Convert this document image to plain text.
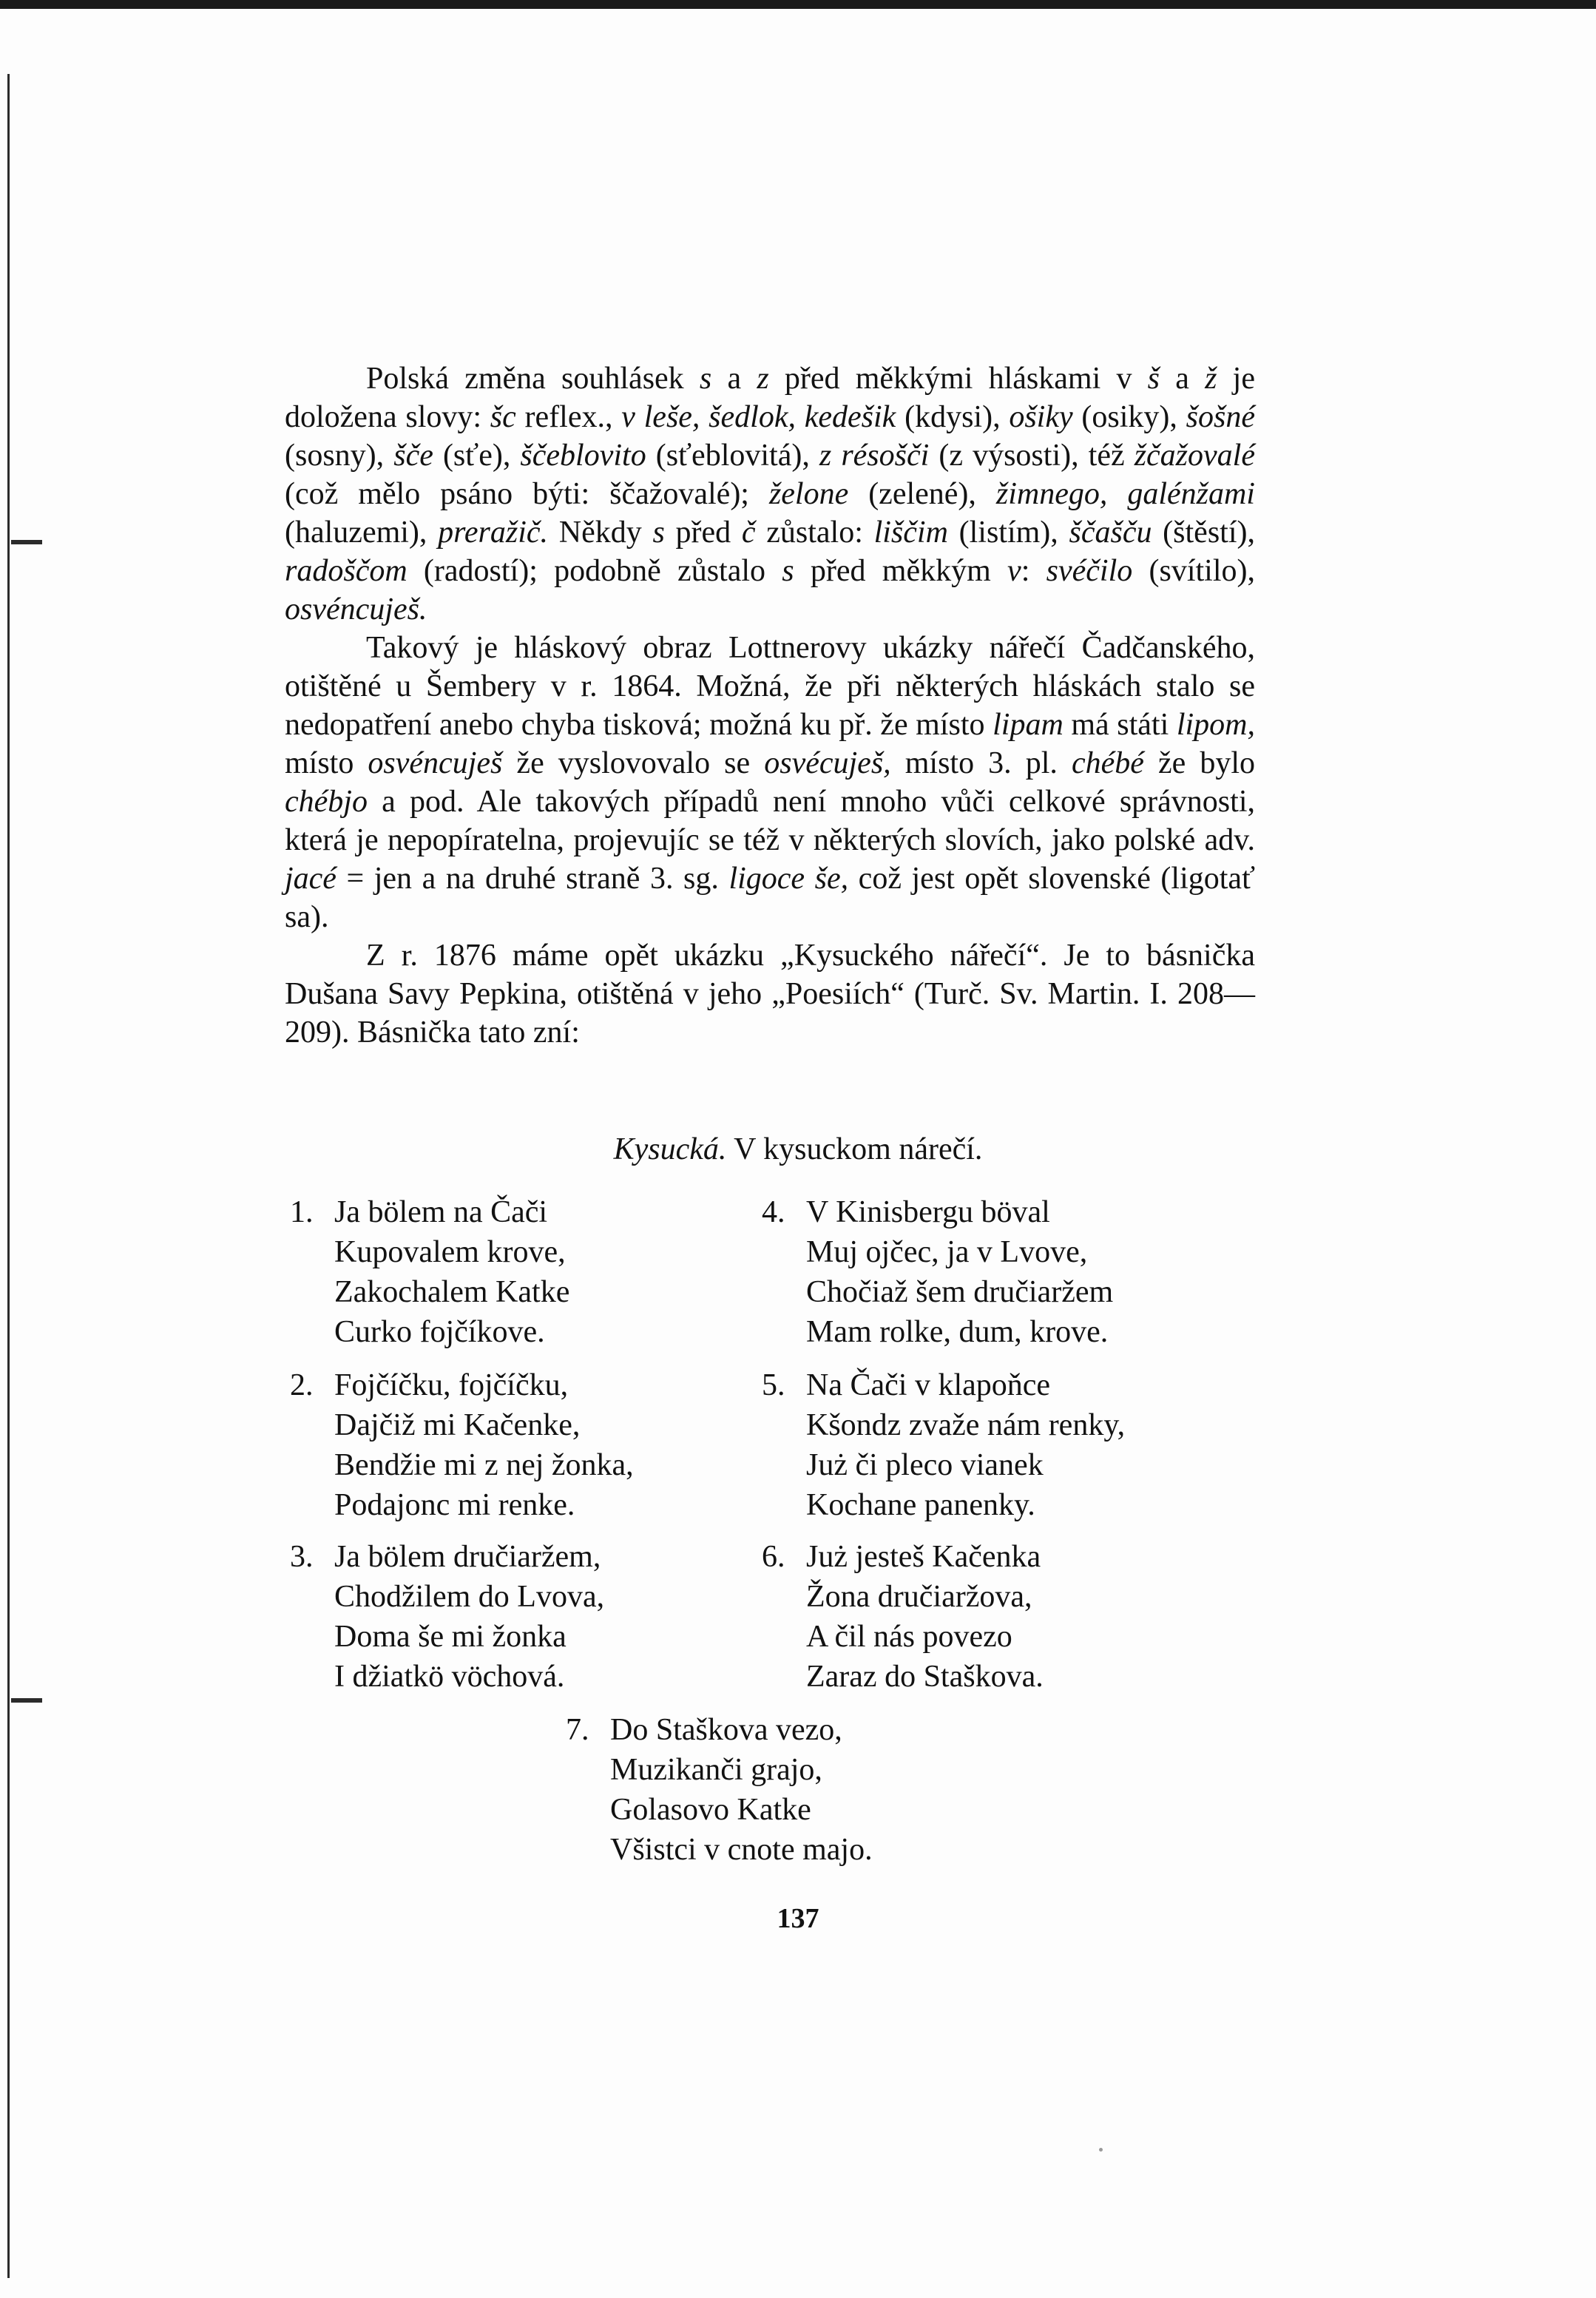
Polská změna souhlásek s a z před měkkými hláskami v š a ž je doložena slovy: šc reflex., v leše, šedlok, kedešik (kdysi), ošiky (osiky), šošné (sosny), šče (sťe), ščeblovito (sťeblovitá), z résošči (z výsosti), též žčažovalé (což mělo psáno býti: ščažovalé); želone (zelené), žimnego, galénžami (haluzemi), preražič. Někdy s před č zůstalo: liščim (listím), ščašču (štěstí), radoščom (radostí); podobně zůstalo s před měkkým v: svéčilo (svítilo), osvéncuješ.

Takový je hláskový obraz Lottnerovy ukázky nářečí Čadčanského, otištěné u Šembery v r. 1864. Možná, že při některých hláskách stalo se nedopatření anebo chyba tisková; možná ku př. že místo lipam má státi lipom, místo osvéncuješ že vyslovovalo se osvécuješ, místo 3. pl. chébé že bylo chébjo a pod. Ale takových případů není mnoho vůči celkové správnosti, která je nepopíratelna, projevujíc se též v některých slovích, jako polské adv. jacé = jen a na druhé straně 3. sg. ligoce še, což jest opět slovenské (ligotať sa).

Z r. 1876 máme opět ukázku „Kysuckého nářečí“. Je to básnička Dušana Savy Pepkina, otištěná v jeho „Poesiích“ (Turč. Sv. Martin. I. 208—209). Básnička tato zní:

Kysucká. V kysuckom nárečí.
1. Ja bölem na Čači
Kupovalem krove,
Zakochalem Katke
Curko fojčíkove.
2. Fojčíčku, fojčíčku,
Dajčiž mi Kačenke,
Bendžie mi z nej žonka,
Podajonc mi renke.
3. Ja bölem dručiaržem,
Chodžilem do Lvova,
Doma še mi žonka
I džiatkö vöchová.
4. V Kinisbergu böval
Muj ojčec, ja v Lvove,
Chočiaž šem dručiaržem
Mam rolke, dum, krove.
5. Na Čači v klapoňce
Kšondz zvaže nám renky,
Już či pleco vianek
Kochane panenky.
6. Już jesteš Kačenka
Žona dručiaržova,
A čil nás povezo
Zaraz do Staškova.
7. Do Staškova vezo,
Muzikanči grajo,
Golasovo Katke
Všistci v cnote majo.
137
